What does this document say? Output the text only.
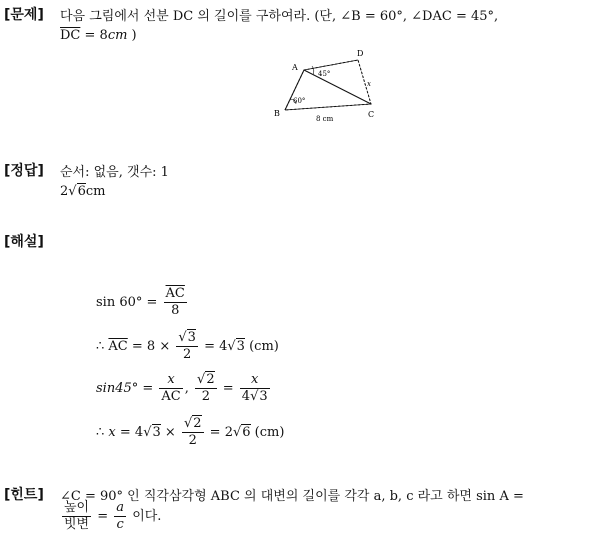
[문제] 다음 그림에서 선분 DC 의 길이를 구하여라. (단, ∠B = 60°, ∠DAC = 45°,
$\overline{DC} = 8cm$ )
A
B	C
D
60°
45°
8 cm
x
[정답] 순서: 없음, 갯수: 1
2√6cm
[해설]
$\sin 60^\circ = \frac{\overline{AC}}{8}$
∴ $\overline{AC} = 8 \times \frac{√3}{2} = 4√3$ (cm)
$\sin 45^\circ = \frac{x}{AC}$ , $\frac{√2}{2} = \frac{x}{4√3}$
∴ $x = 4√3 \times \frac{√2}{2} = 2√6$ (cm)
[힌트] ∠C = 90° 인 직각삼각형 ABC 의 대변의 길이를 각각 a, b, c 라고 하면 sin A =
$\frac{\text{높이}}{\text{빗변}} = \frac{a}{c}$ 이다.
